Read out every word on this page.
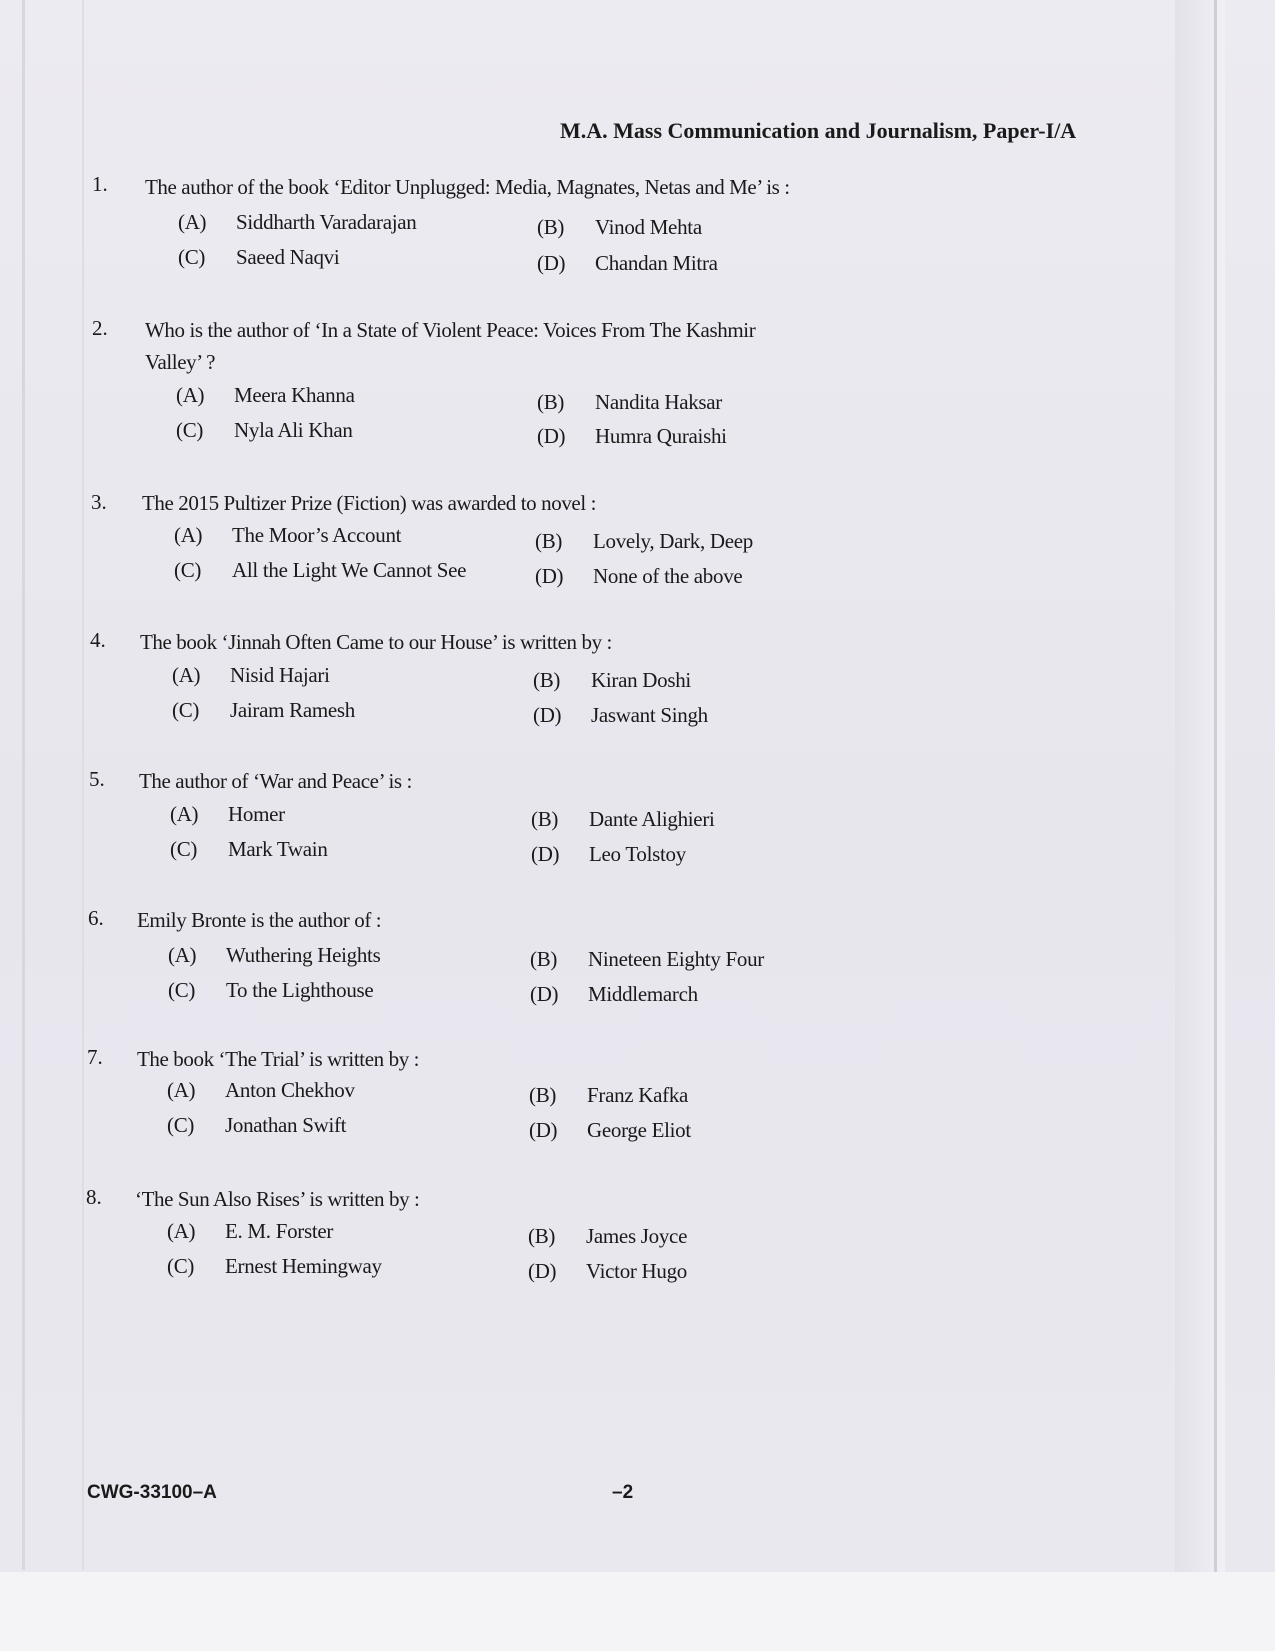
M.A. Mass Communication and Journalism, Paper-I/A
1. The author of the book ‘Editor Unplugged: Media, Magnates, Netas and Me’ is :
(A) Siddharth Varadarajan	(B) Vinod Mehta
(C) Saeed Naqvi	(D) Chandan Mitra
2. Who is the author of ‘In a State of Violent Peace: Voices From The Kashmir
Valley’ ?
(A) Meera Khanna	(B) Nandita Haksar
(C) Nyla Ali Khan	(D) Humra Quraishi
3. The 2015 Pultizer Prize (Fiction) was awarded to novel :
(A) The Moor’s Account	(B) Lovely, Dark, Deep
(C) All the Light We Cannot See	(D) None of the above
4. The book ‘Jinnah Often Came to our House’ is written by :
(A) Nisid Hajari	(B) Kiran Doshi
(C) Jairam Ramesh	(D) Jaswant Singh
5. The author of ‘War and Peace’ is :
(A) Homer	(B) Dante Alighieri
(C) Mark Twain	(D) Leo Tolstoy
6. Emily Bronte is the author of :
(A) Wuthering Heights	(B) Nineteen Eighty Four
(C) To the Lighthouse	(D) Middlemarch
7. The book ‘The Trial’ is written by :
(A) Anton Chekhov	(B) Franz Kafka
(C) Jonathan Swift	(D) George Eliot
8. ‘The Sun Also Rises’ is written by :
(A) E. M. Forster	(B) James Joyce
(C) Ernest Hemingway	(D) Victor Hugo
CWG-33100–A	–2
